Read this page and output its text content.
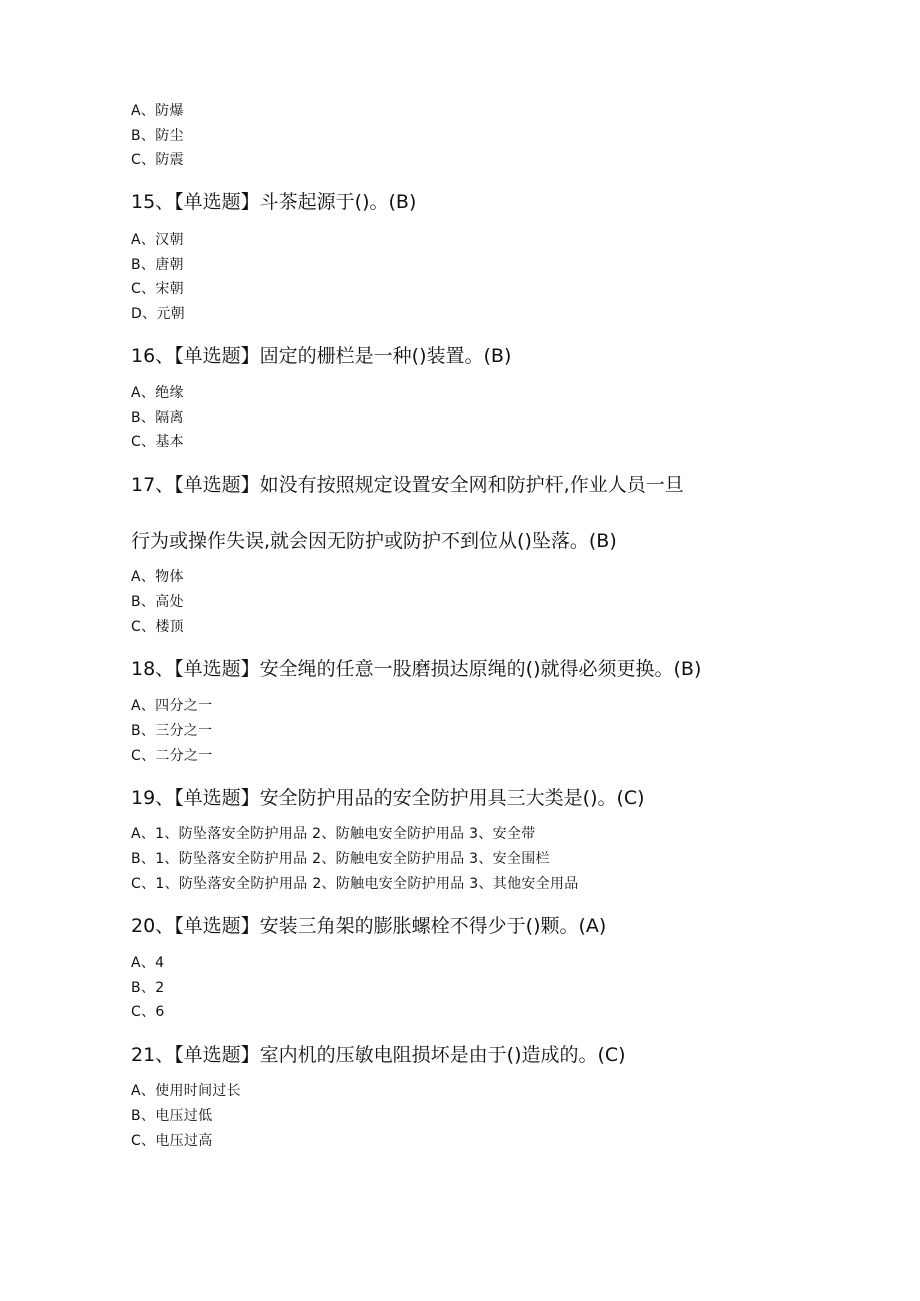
A、防爆
B、防尘
C、防震
15、【单选题】斗茶起源于()。(B)
A、汉朝
B、唐朝
C、宋朝
D、元朝
16、【单选题】固定的栅栏是一种()装置。(B)
A、绝缘
B、隔离
C、基本
17、【单选题】如没有按照规定设置安全网和防护杆,作业人员一旦
行为或操作失误,就会因无防护或防护不到位从()坠落。(B)
A、物体
B、高处
C、楼顶
18、【单选题】安全绳的任意一股磨损达原绳的()就得必须更换。(B)
A、四分之一
B、三分之一
C、二分之一
19、【单选题】安全防护用品的安全防护用具三大类是()。(C)
A、1、防坠落安全防护用品 2、防触电安全防护用品 3、安全带
B、1、防坠落安全防护用品 2、防触电安全防护用品 3、安全围栏
C、1、防坠落安全防护用品 2、防触电安全防护用品 3、其他安全用品
20、【单选题】安装三角架的膨胀螺栓不得少于()颗。(A)
A、4
B、2
C、6
21、【单选题】室内机的压敏电阻损坏是由于()造成的。(C)
A、使用时间过长
B、电压过低
C、电压过高
